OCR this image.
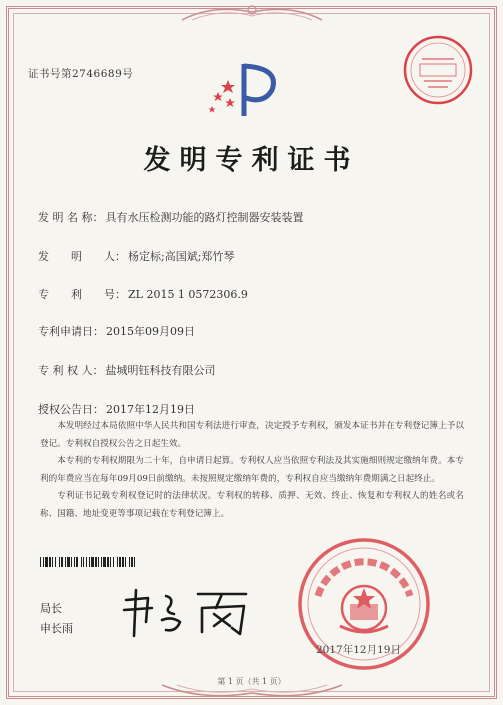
证书号第2746689号
发明专利证书
发 明 名 称： 具有水压检测功能的路灯控制器安装装置
发　　明　　人： 杨定标;高国斌;郑竹琴
专　　利　　号： ZL 2015 1 0572306.9
专利申请日： 2015年09月09日
专 利 权 人： 盐城明钰科技有限公司
授权公告日： 2017年12月19日

本发明经过本局依照中华人民共和国专利法进行审查，决定授予专利权，颁发本证书并在专利登记簿上予以登记。专利权自授权公告之日起生效。

本专利的专利权期限为二十年，自申请日起算。专利权人应当依照专利法及其实施细则规定缴纳年费。本专利的年费应当在每年09月09日前缴纳。未按照规定缴纳年费的，专利权自应当缴纳年费期满之日起终止。

专利证书记载专利权登记时的法律状况。专利权的转移、质押、无效、终止、恢复和专利权人的姓名或名称、国籍、地址变更等事项记载在专利登记簿上。

局长
申长雨
2017年12月19日
第 1 页（共 1 页）
